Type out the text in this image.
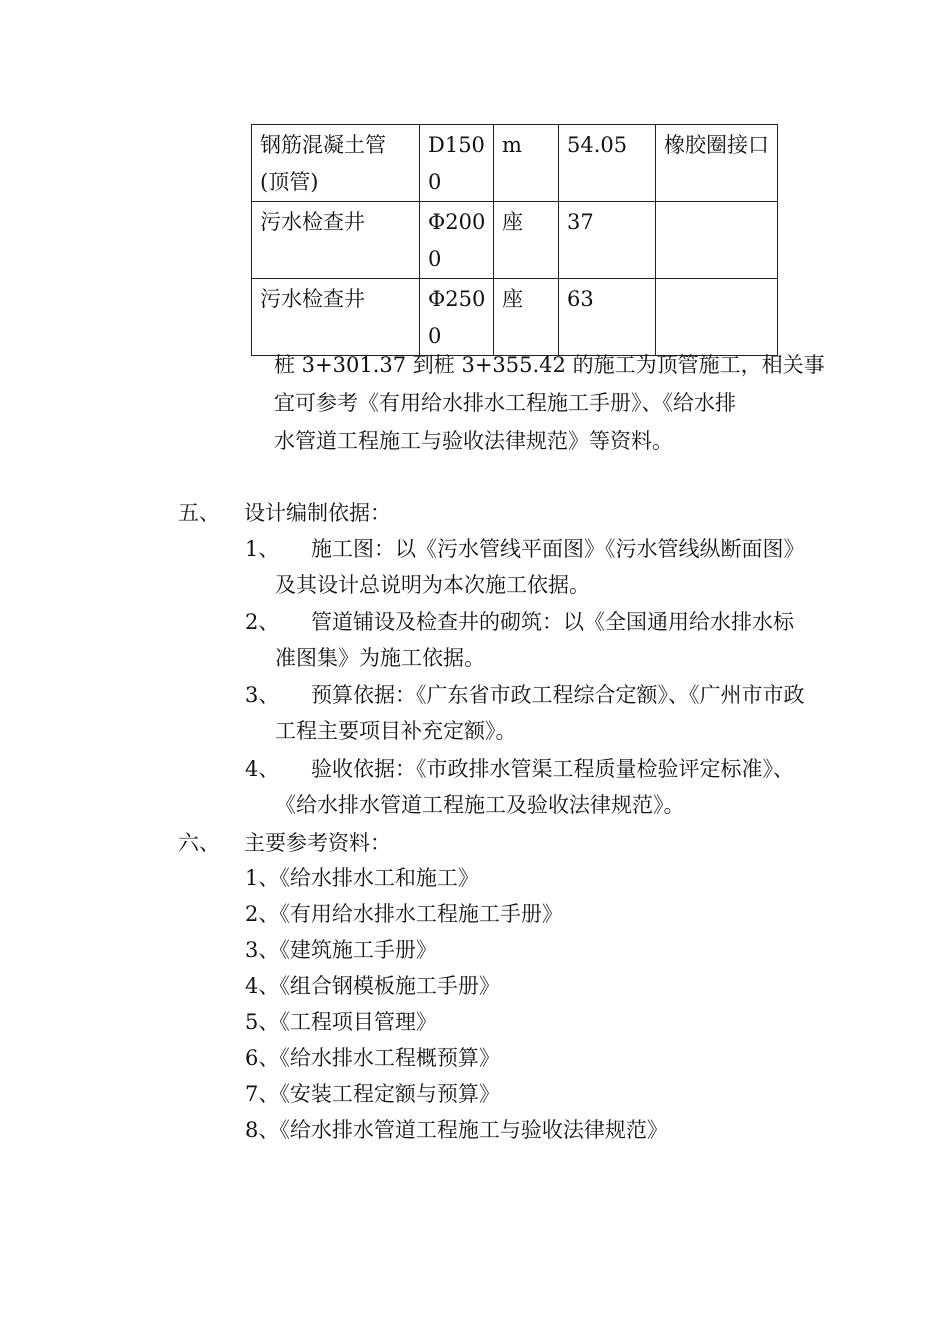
钢筋混凝土管(顶管)	D1500	m	54.05	橡胶圈接口
污水检查井	Φ2000	座	37	
污水检查井	Φ2500	座	63	
桩 3+301.37 到桩 3+355.42 的施工为顶管施工，相关事
宜可参考《有用给水排水工程施工手册》、《给水排
水管道工程施工与验收法律规范》等资料。
五、 设计编制依据：
1、	施工图：以《污水管线平面图》《污水管线纵断面图》及其设计总说明为本次施工依据。
2、	管道铺设及检查井的砌筑：以《全国通用给水排水标准图集》为施工依据。
3、	预算依据：《广东省市政工程综合定额》、《广州市市政工程主要项目补充定额》。
4、	验收依据：《市政排水管渠工程质量检验评定标准》、《给水排水管道工程施工及验收法律规范》。
六、 主要参考资料：
1、《给水排水工和施工》
2、《有用给水排水工程施工手册》
3、《建筑施工手册》
4、《组合钢模板施工手册》
5、《工程项目管理》
6、《给水排水工程概预算》
7、《安装工程定额与预算》
8、《给水排水管道工程施工与验收法律规范》
